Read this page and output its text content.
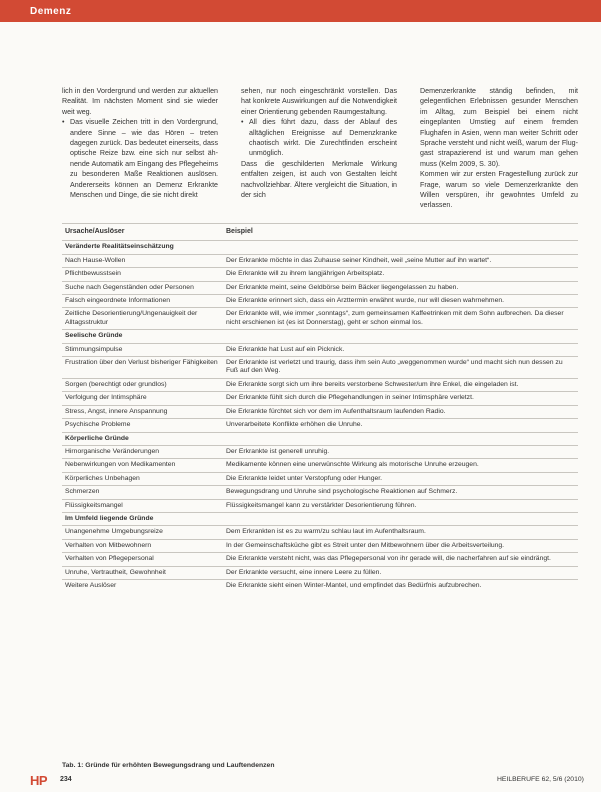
Demenz

lich in den Vordergrund und werden zur aktuellen Realität. Im nächsten Moment sind sie wieder weit weg.

• Das visuelle Zeichen tritt in den Vordergrund, andere Sinne – wie das Hören – treten dagegen zurück. Das bedeutet einerseits, dass optische Reize bzw. eine sich nur selbst ähnende Automatik am Eingang des Pflegeheims zu besonderen Maße Reaktionen auslösen. Andererseits können an Demenz Erkrankte Menschen und Dinge, die sie nicht direkt

sehen, nur noch eingeschränkt vorstellen. Das hat konkrete Auswirkungen auf die Notwendigkeit einer Orientierung gebenden Raumgestaltung.

• All dies führt dazu, dass der Ablauf des alltäglichen Ereignisse auf Demenzkranke chaotisch wirkt. Die Zurechtfinden erscheint unmöglich.

Dass die geschilderten Merkmale Wirkung entfalten zeigen, ist auch von Gestalten leicht nachvollziehbar. Ältere vergleicht die Situation, in der sich

Demenzerkrankte ständig befinden, mit gelegentlichen Erlebnissen gesunder Menschen im Alltag, zum Beispiel bei einem nicht eingeplanten Umstieg auf einem fremden Flughafen in Asien, wenn man weiter Schritt oder Sprache versteht und nicht weiß, warum der Fluggast strapazierend ist und warum man gehen muss (Kelm 2009, S. 30).

Kommen wir zur ersten Fragestellung zurück zur Frage, warum so viele Demenzerkrankte den Willen verspüren, ihr gewohntes Umfeld zu verlassen.

Ursache/Auslöser	Beispiel
Veränderte Realitätseinschätzung	
Nach Hause-Wollen	Der Erkrankte möchte in das Zuhause seiner Kindheit, weil „seine Mutter auf ihn wartet“.
Pflichtbewusstsein	Die Erkrankte will zu ihrem langjährigen Arbeitsplatz.
Suche nach Gegenständen oder Personen	Der Erkrankte meint, seine Geldbörse beim Bäcker liegengelassen zu haben.
Falsch eingeordnete Informationen	Die Erkrankte erinnert sich, dass ein Arzttermin erwähnt wurde, nur will diesen wahrnehmen.
Zeitliche Desorientierung/Ungenauigkeit der Alltagsstruktur	Der Erkrankte will, wie immer „sonntags“, zum gemeinsamen Kaffeetrinken mit dem Sohn aufbrechen. Da dieser nicht erschienen ist (es ist Donnerstag), geht er schon einmal los.
Seelische Gründe	
Stimmungsimpulse	Die Erkrankte hat Lust auf ein Picknick.
Frustration über den Verlust bisheriger Fähigkeiten	Der Erkrankte ist verletzt und traurig, dass ihm sein Auto „weggenommen wurde“ und macht sich nun dessen zu Fuß auf den Weg.
Sorgen (berechtigt oder grundlos)	Die Erkrankte sorgt sich um ihre bereits verstorbene Schwester/um ihre Enkel, die eingeladen ist.
Verfolgung der Intimsphäre	Der Erkrankte fühlt sich durch die Pflegehandlungen in seiner Intimsphäre verletzt.
Stress, Angst, innere Anspannung	Die Erkrankte fürchtet sich vor dem im Aufenthaltsraum laufenden Radio.
Psychische Probleme	Unverarbeitete Konflikte erhöhen die Unruhe.
Körperliche Gründe	
Hirnorganische Veränderungen	Der Erkrankte ist generell unruhig.
Nebenwirkungen von Medikamenten	Medikamente können eine unerwünschte Wirkung als motorische Unruhe erzeugen.
Körperliches Unbehagen	Die Erkrankte leidet unter Verstopfung oder Hunger.
Schmerzen	Bewegungsdrang und Unruhe sind psychologische Reaktionen auf Schmerz.
Flüssigkeitsmangel	Flüssigkeitsmangel kann zu verstärkter Desorientierung führen.
Im Umfeld liegende Gründe	
Unangenehme Umgebungsreize	Dem Erkrankten ist es zu warm/zu schlau laut im Aufenthaltsraum.
Verhalten von Mitbewohnern	In der Gemeinschaftsküche gibt es Streit unter den Mitbewohnern über die Arbeitsverteilung.
Verhalten von Pflegepersonal	Die Erkrankte versteht nicht, was das Pflegepersonal von ihr gerade will, die nacherfahren auf sie eindrängt.
Unruhe, Vertrautheit, Gewohnheit	Der Erkrankte versucht, eine innere Leere zu füllen.
Weitere Auslöser	Die Erkrankte sieht einen Winter-Mantel, und empfindet das Bedürfnis aufzubrechen.
Tab. 1: Gründe für erhöhten Bewegungsdrang und Lauftendenzen
HP 234	HEILBERUFE 62, 5/6 (2010)
